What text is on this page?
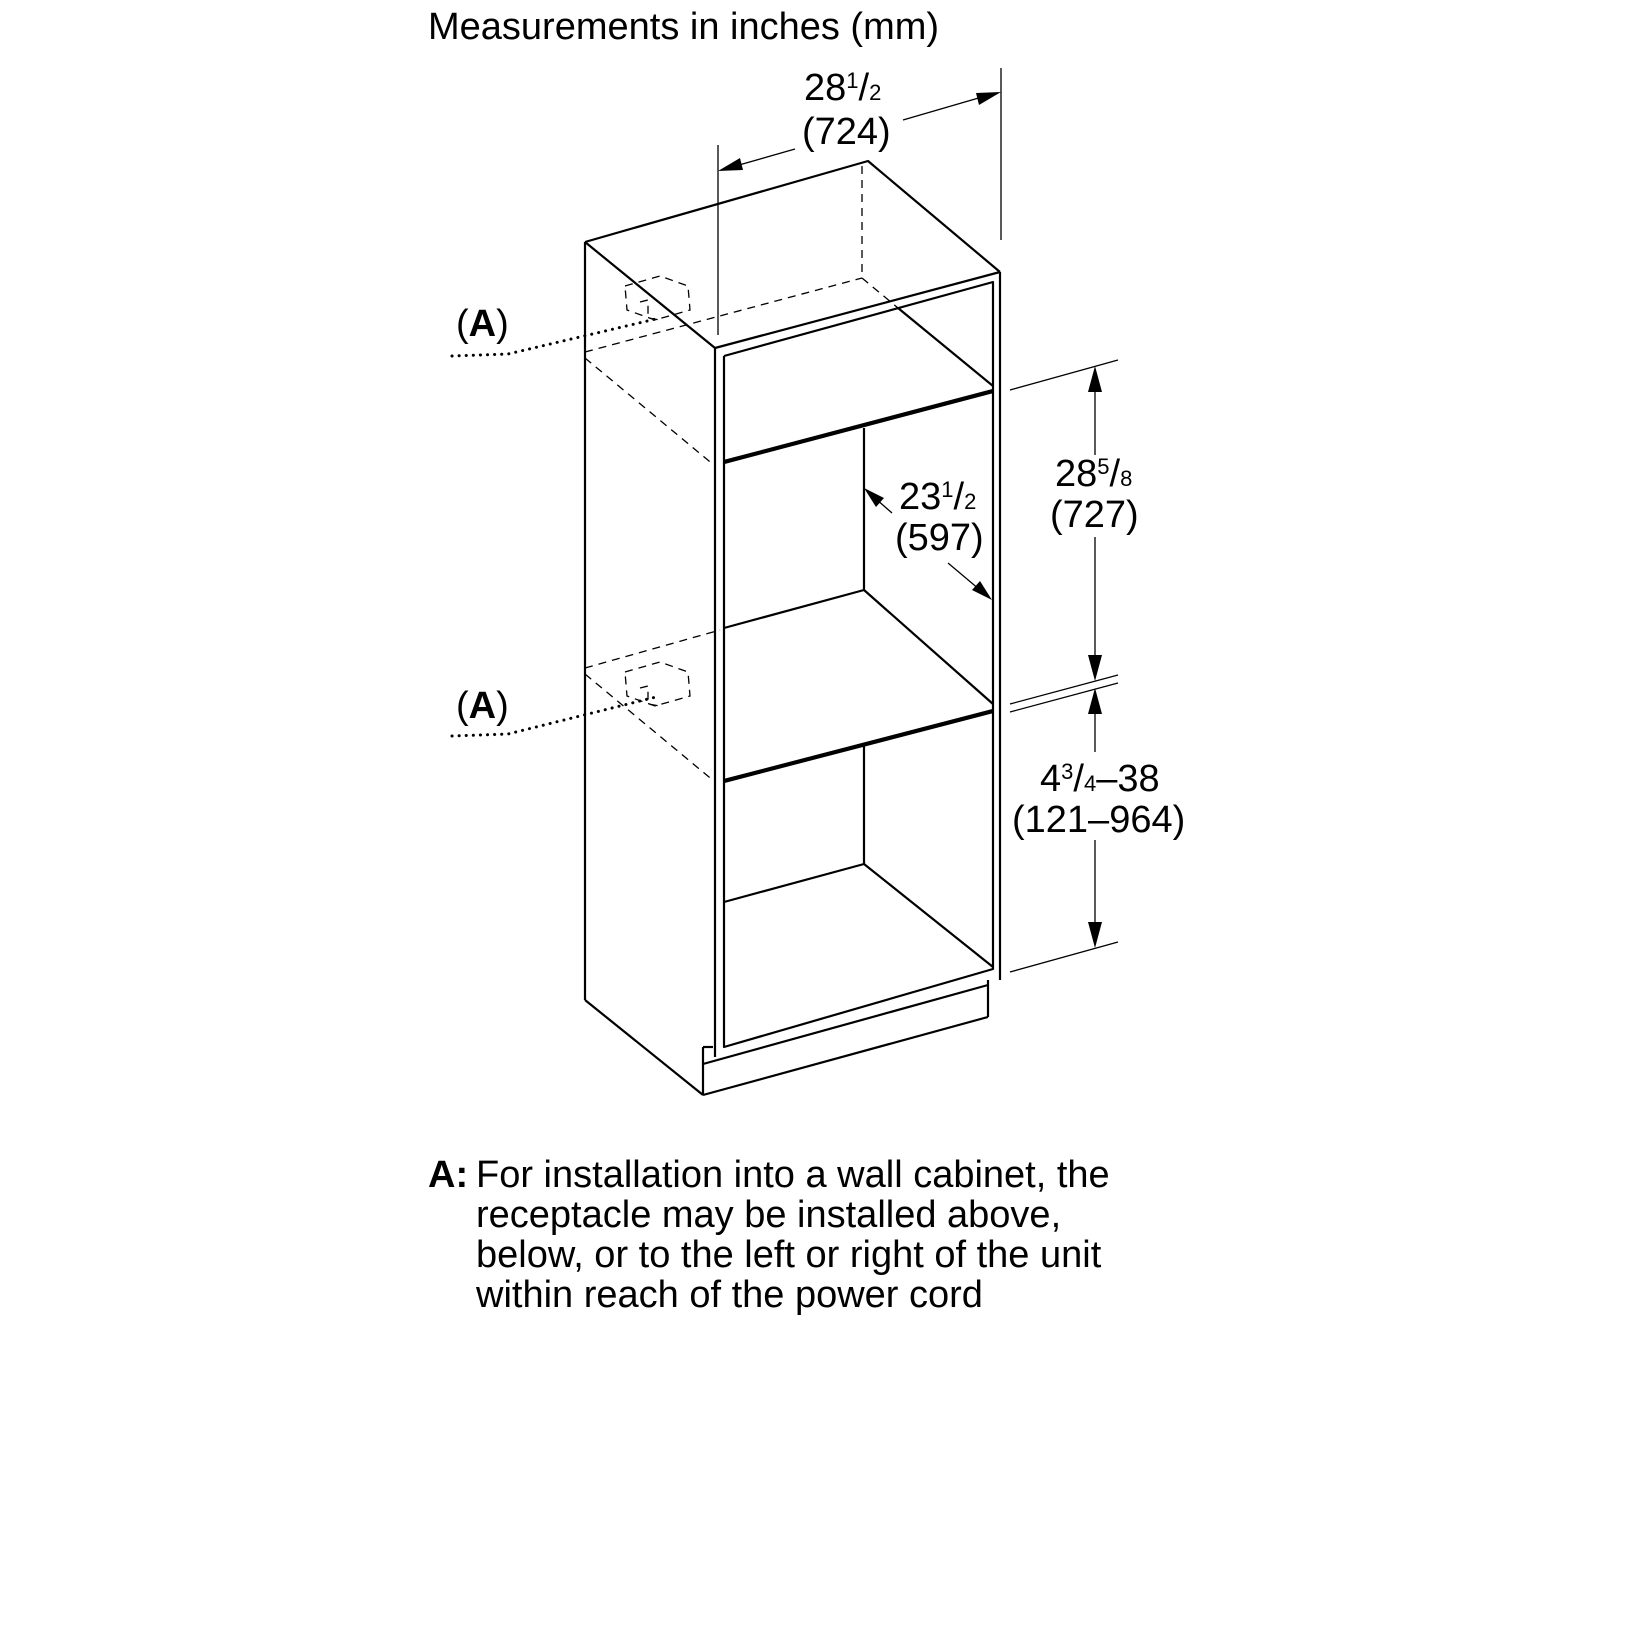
Measurements in inches (mm)
(A)
(A)
$28^1/2$
(724)
$23^1/2$
(597)
$28^5/8$
(727)
$4^3/4-38$
(121–964)
A: For installation into a wall cabinet, the receptacle may be installed above, below, or to the left or right of the unit within reach of the power cord
